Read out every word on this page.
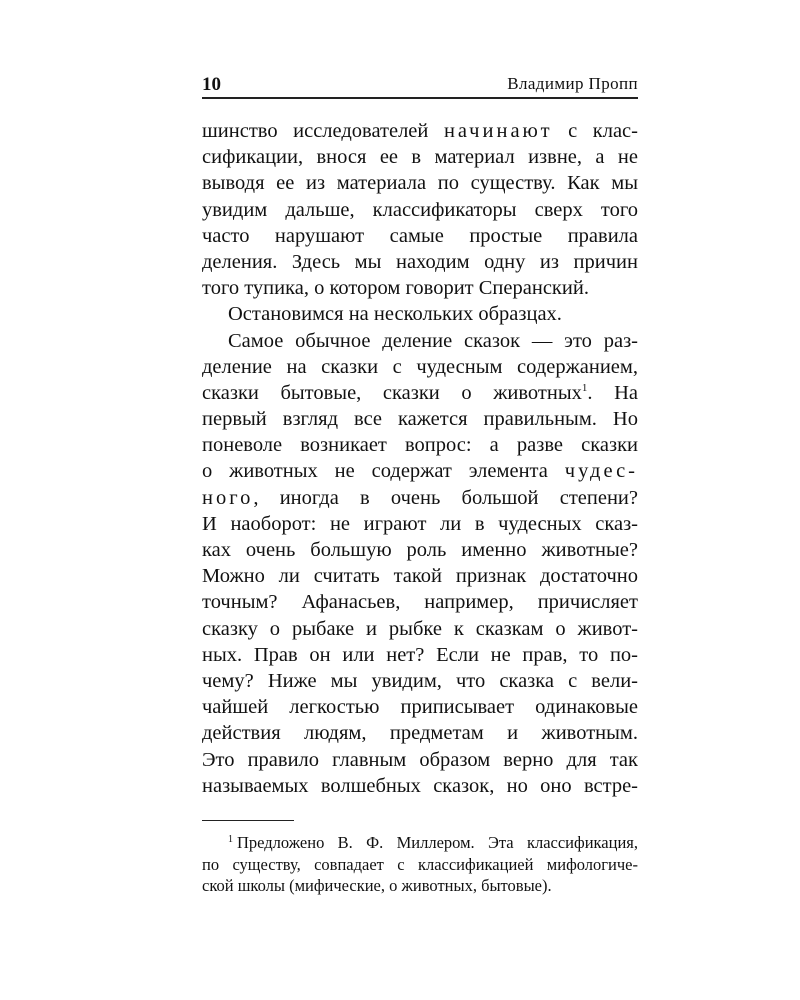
10	Владимир Пропп
шинство исследователей начинают с клас-
сификации, внося ее в материал извне, а не
выводя ее из материала по существу. Как мы
увидим дальше, классификаторы сверх того
часто нарушают самые простые правила
деления. Здесь мы находим одну из причин
того тупика, о котором говорит Сперанский.
Остановимся на нескольких образцах.
Самое обычное деление сказок — это раз-
деление на сказки с чудесным содержанием,
сказки бытовые, сказки о животных$^1$. На
первый взгляд все кажется правильным. Но
поневоле возникает вопрос: а разве сказки
о животных не содержат элемента чудес-
ного, иногда в очень большой степени?
И наоборот: не играют ли в чудесных сказ-
ках очень большую роль именно животные?
Можно ли считать такой признак достаточно
точным? Афанасьев, например, причисляет
сказку о рыбаке и рыбке к сказкам о живот-
ных. Прав он или нет? Если не прав, то по-
чему? Ниже мы увидим, что сказка с вели-
чайшей легкостью приписывает одинаковые
действия людям, предметам и животным.
Это правило главным образом верно для так
называемых волшебных сказок, но оно встре-
$^1$ Предложено В. Ф. Миллером. Эта классификация,
по существу, совпадает с классификацией мифологиче-
ской школы (мифические, о животных, бытовые).
